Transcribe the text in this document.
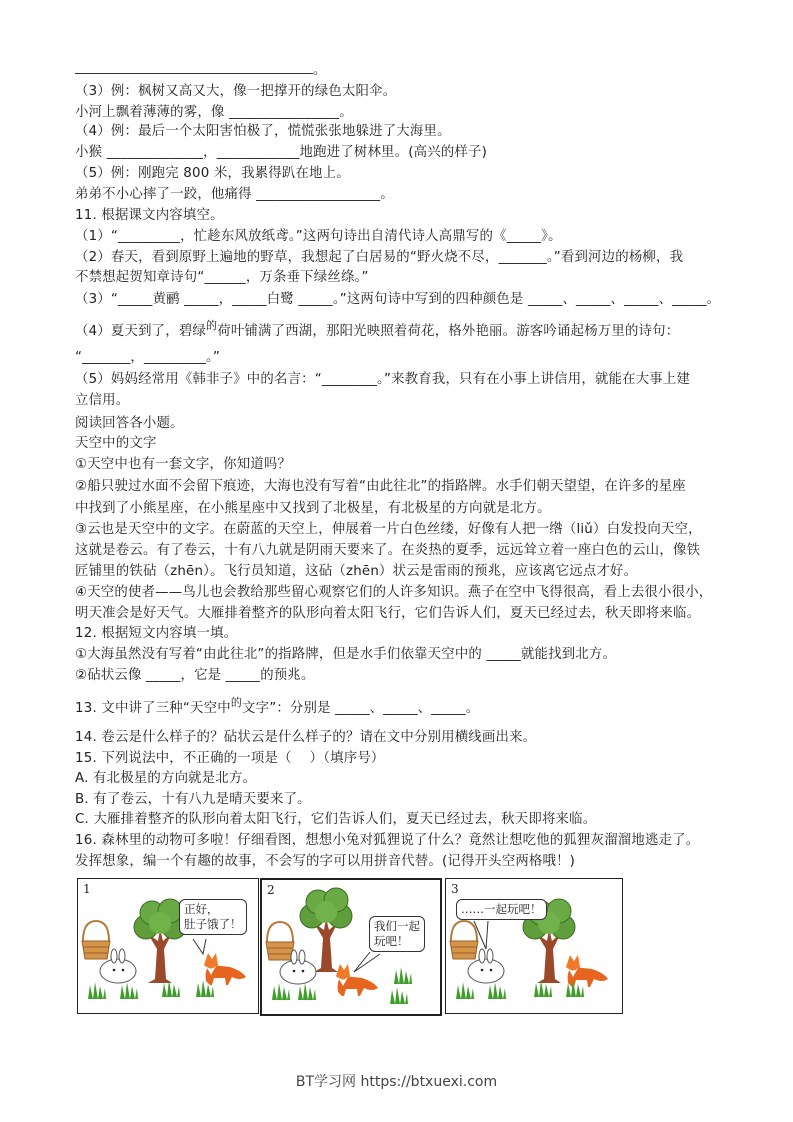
。
（3）例：枫树又高又大，像一把撑开的绿色太阳伞。
小河上飘着薄薄的雾，像 ________________。
（4）例：最后一个太阳害怕极了，慌慌张张地躲进了大海里。
小猴 ______________，____________地跑进了树林里。(高兴的样子)
（5）例：刚跑完 800 米，我累得趴在地上。
弟弟不小心摔了一跤，他痛得 __________________。
11. 根据课文内容填空。
（1）“_________，忙趁东风放纸鸢。”这两句诗出自清代诗人高鼎写的《_____》。
（2）春天，看到原野上遍地的野草，我想起了白居易的“野火烧不尽，_______。”看到河边的杨柳，我
不禁想起贺知章诗句“______，万条垂下绿丝绦。”
（3）“_____黄鹂 _____，_____白鹭 _____。”这两句诗中写到的四种颜色是 _____、_____、_____、_____。
（4）夏天到了，碧绿$^的$荷叶铺满了西湖，那阳光映照着荷花，格外艳丽。游客吟诵起杨万里的诗句：
“_______，_________。”
（5）妈妈经常用《韩非子》中的名言：“________。”来教育我，只有在小事上讲信用，就能在大事上建
立信用。
阅读回答各小题。
天空中的文字
①天空中也有一套文字，你知道吗？
②船只驶过水面不会留下痕迹，大海也没有写着“由此往北”的指路牌。水手们朝天望望，在许多的星座
中找到了小熊星座，在小熊星座中又找到了北极星，有北极星的方向就是北方。
③云也是天空中的文字。在蔚蓝的天空上，伸展着一片白色丝缕，好像有人把一绺（liǔ）白发投向天空，
这就是卷云。有了卷云，十有八九就是阴雨天要来了。在炎热的夏季，远远耸立着一座白色的云山，像铁
匠铺里的铁砧（zhēn）。飞行员知道，这砧（zhēn）状云是雷雨的预兆，应该离它远点才好。
④天空的使者——鸟儿也会教给那些留心观察它们的人许多知识。燕子在空中飞得很高，看上去很小很小，
明天准会是好天气。大雁排着整齐的队形向着太阳飞行，它们告诉人们，夏天已经过去，秋天即将来临。
12. 根据短文内容填一填。
①大海虽然没有写着“由此往北”的指路牌，但是水手们依靠天空中的 _____就能找到北方。
②砧状云像 _____，它是 _____的预兆。
13. 文中讲了三种“天空中$^的$文字”：分别是 _____、_____、_____。
14. 卷云是什么样子的？砧状云是什么样子的？请在文中分别用横线画出来。
15. 下列说法中，不正确的一项是（　 ）（填序号）
A. 有北极星的方向就是北方。
B. 有了卷云，十有八九是晴天要来了。
C. 大雁排着整齐的队形向着太阳飞行，它们告诉人们，夏天已经过去，秋天即将来临。
16. 森林里的动物可多啦！仔细看图，想想小兔对狐狸说了什么？竟然让想吃他的狐狸灰溜溜地逃走了。
发挥想象，编一个有趣的故事，不会写的字可以用拼音代替。(记得开头空两格哦！)
1
正好，
肚子饿了！
2
我们一起
玩吧！
3
……一起玩吧！
BT学习网 https://btxuexi.com
